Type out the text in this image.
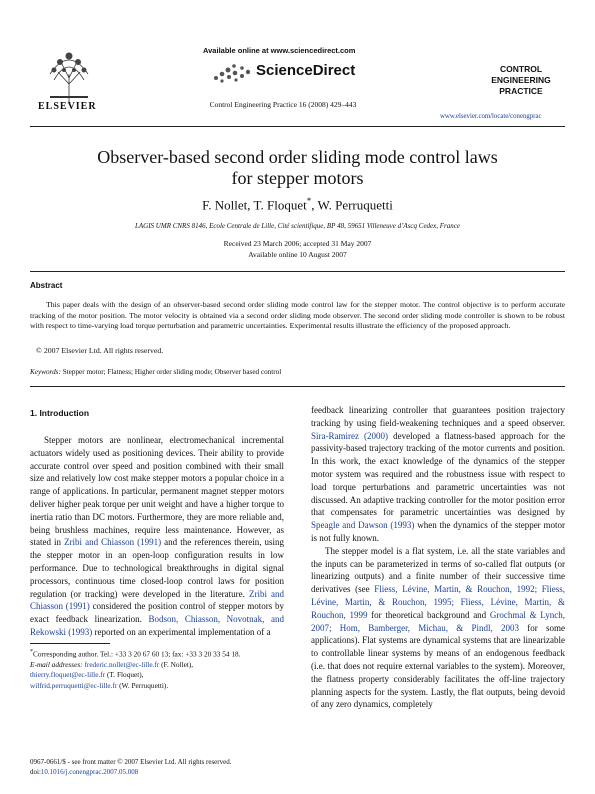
ELSEVIER
Available online at www.sciencedirect.com
ScienceDirect
Control Engineering Practice 16 (2008) 429–443
CONTROL ENGINEERING
PRACTICE
www.elsevier.com/locate/conengprac
Observer-based second order sliding mode control laws
for stepper motors
F. Nollet, T. Floquet*, W. Perruquetti
LAGIS UMR CNRS 8146, Ecole Centrale de Lille, Cité scientifique, BP 48, 59651 Villeneuve d’Ascq Cedex, France
Received 23 March 2006; accepted 31 May 2007
Available online 10 August 2007
Abstract

This paper deals with the design of an observer-based second order sliding mode control law for the stepper motor. The control objective is to perform accurate tracking of the motor position. The motor velocity is obtained via a second order sliding mode observer. The second order sliding mode controller is shown to be robust with respect to time-varying load torque perturbation and parametric uncertainties. Experimental results illustrate the efficiency of the proposed approach.

© 2007 Elsevier Ltd. All rights reserved.
Keywords: Stepper motor; Flatness; Higher order sliding mode; Observer based control
1. Introduction

Stepper motors are nonlinear, electromechanical incremental actuators widely used as positioning devices. Their ability to provide accurate control over speed and position combined with their small size and relatively low cost make stepper motors a popular choice in a range of applications. In particular, permanent magnet stepper motors deliver higher peak torque per unit weight and have a higher torque to inertia ratio than DC motors. Furthermore, they are more reliable and, being brushless machines, require less maintenance. However, as stated in Zribi and Chiasson (1991) and the references therein, using the stepper motor in an open-loop configuration results in low performance. Due to technological breakthroughs in digital signal processors, continuous time closed-loop control laws for position regulation (or tracking) were developed in the literature. Zribi and Chiasson (1991) considered the position control of stepper motors by exact feedback linearization. Bodson, Chiasson, Novotnak, and Rekowski (1993) reported on an experimental implementation of a

feedback linearizing controller that guarantees position trajectory tracking by using field-weakening techniques and a speed observer. Sira-Ramirez (2000) developed a flatness-based approach for the passivity-based trajectory tracking of the motor currents and position. In this work, the exact knowledge of the dynamics of the stepper motor system was required and the robustness issue with respect to load torque perturbations and parametric uncertainties was not discussed. An adaptive tracking controller for the motor position error that compensates for parametric uncertainties was designed by Speagle and Dawson (1993) when the dynamics of the stepper motor is not fully known.

The stepper model is a flat system, i.e. all the state variables and the inputs can be parameterized in terms of so-called flat outputs (or linearizing outputs) and a finite number of their successive time derivatives (see Fliess, Lévine, Martin, & Rouchon, 1992; Fliess, Lévine, Martin, & Rouchon, 1995; Fliess, Lévine, Martin, & Rouchon, 1999 for theoretical background and Grochmal & Lynch, 2007; Hom, Bamberger, Michau, & Pindl, 2003 for some applications). Flat systems are dynamical systems that are linearizable to controllable linear systems by means of an endogenous feedback (i.e. that does not require external variables to the system). Moreover, the flatness property considerably facilitates the off-line trajectory planning aspects for the system. Lastly, the flat outputs, being devoid of any zero dynamics, completely

*Corresponding author. Tel.: +33 3 20 67 60 13; fax: +33 3 20 33 54 18.
E-mail addresses: frederic.nollet@ec-lille.fr (F. Nollet),
thierry.floquet@ec-lille.fr (T. Floquet),
wilfrid.perruquetti@ec-lille.fr (W. Perruquetti).
0967-0661/$ - see front matter © 2007 Elsevier Ltd. All rights reserved.
doi:10.1016/j.conengprac.2007.05.008
